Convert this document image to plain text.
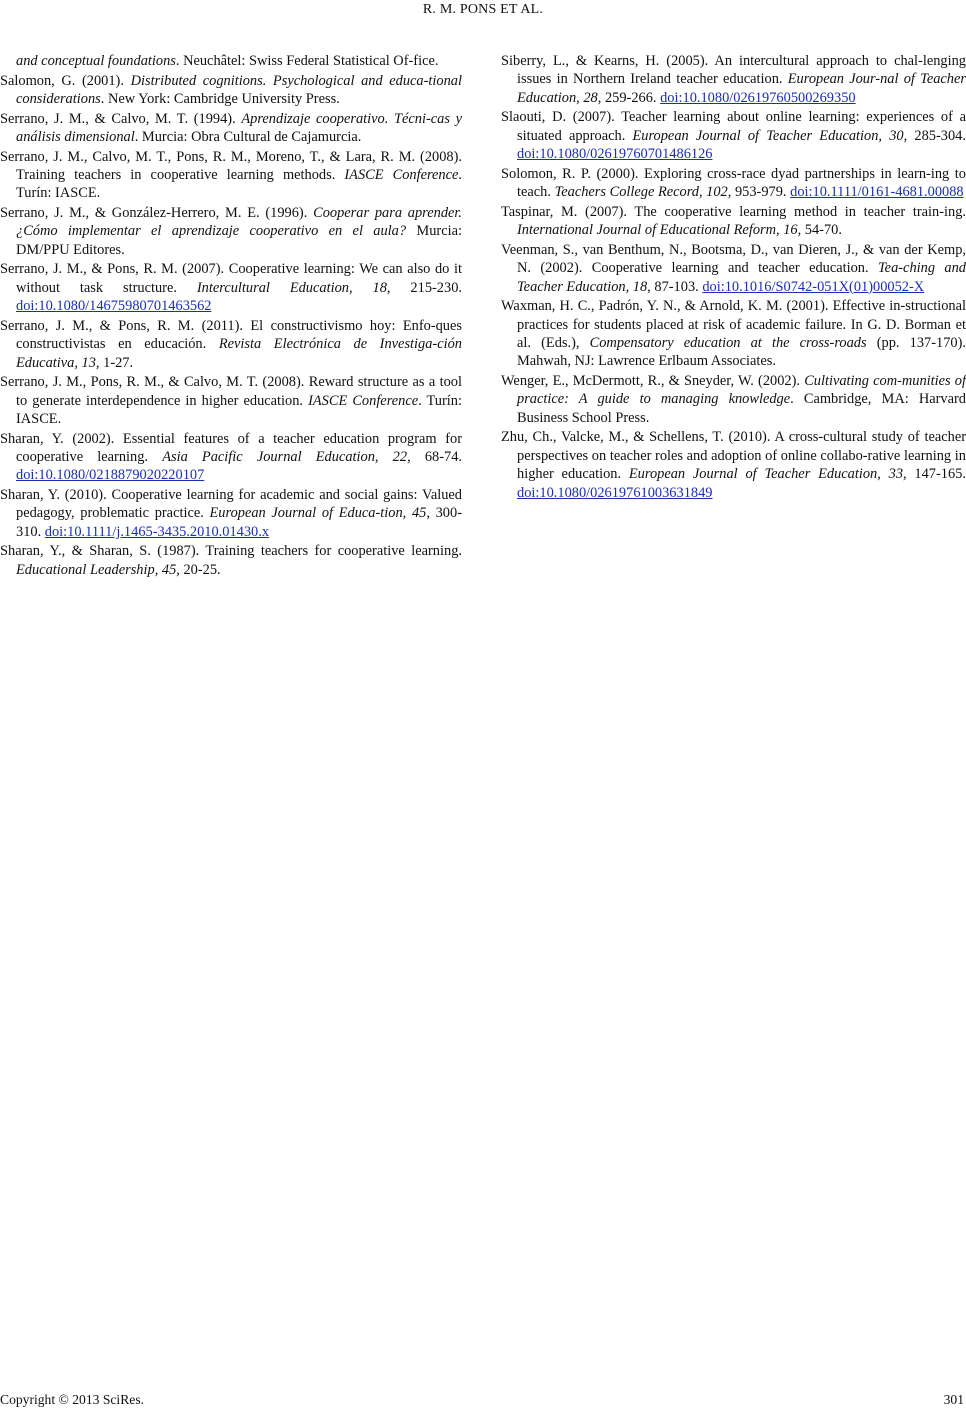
R. M. PONS ET AL.

and conceptual foundations. Neuchâtel: Swiss Federal Statistical Of-fice.

Salomon, G. (2001). Distributed cognitions. Psychological and educa-tional considerations. New York: Cambridge University Press.

Serrano, J. M., & Calvo, M. T. (1994). Aprendizaje cooperativo. Técni-cas y análisis dimensional. Murcia: Obra Cultural de Cajamurcia.

Serrano, J. M., Calvo, M. T., Pons, R. M., Moreno, T., & Lara, R. M. (2008). Training teachers in cooperative learning methods. IASCE Conference. Turín: IASCE.

Serrano, J. M., & González-Herrero, M. E. (1996). Cooperar para aprender. ¿Cómo implementar el aprendizaje cooperativo en el aula? Murcia: DM/PPU Editores.

Serrano, J. M., & Pons, R. M. (2007). Cooperative learning: We can also do it without task structure. Intercultural Education, 18, 215-230. doi:10.1080/14675980701463562

Serrano, J. M., & Pons, R. M. (2011). El constructivismo hoy: Enfo-ques constructivistas en educación. Revista Electrónica de Investiga-ción Educativa, 13, 1-27.

Serrano, J. M., Pons, R. M., & Calvo, M. T. (2008). Reward structure as a tool to generate interdependence in higher education. IASCE Conference. Turín: IASCE.

Sharan, Y. (2002). Essential features of a teacher education program for cooperative learning. Asia Pacific Journal Education, 22, 68-74. doi:10.1080/0218879020220107

Sharan, Y. (2010). Cooperative learning for academic and social gains: Valued pedagogy, problematic practice. European Journal of Educa-tion, 45, 300-310. doi:10.1111/j.1465-3435.2010.01430.x

Sharan, Y., & Sharan, S. (1987). Training teachers for cooperative learning. Educational Leadership, 45, 20-25.

Siberry, L., & Kearns, H. (2005). An intercultural approach to chal-lenging issues in Northern Ireland teacher education. European Jour-nal of Teacher Education, 28, 259-266. doi:10.1080/02619760500269350

Slaouti, D. (2007). Teacher learning about online learning: experiences of a situated approach. European Journal of Teacher Education, 30, 285-304. doi:10.1080/02619760701486126

Solomon, R. P. (2000). Exploring cross-race dyad partnerships in learn-ing to teach. Teachers College Record, 102, 953-979. doi:10.1111/0161-4681.00088

Taspinar, M. (2007). The cooperative learning method in teacher train-ing. International Journal of Educational Reform, 16, 54-70.

Veenman, S., van Benthum, N., Bootsma, D., van Dieren, J., & van der Kemp, N. (2002). Cooperative learning and teacher education. Tea-ching and Teacher Education, 18, 87-103. doi:10.1016/S0742-051X(01)00052-X

Waxman, H. C., Padrón, Y. N., & Arnold, K. M. (2001). Effective in-structional practices for students placed at risk of academic failure. In G. D. Borman et al. (Eds.), Compensatory education at the cross-roads (pp. 137-170). Mahwah, NJ: Lawrence Erlbaum Associates.

Wenger, E., McDermott, R., & Sneyder, W. (2002). Cultivating com-munities of practice: A guide to managing knowledge. Cambridge, MA: Harvard Business School Press.

Zhu, Ch., Valcke, M., & Schellens, T. (2010). A cross-cultural study of teacher perspectives on teacher roles and adoption of online collabo-rative learning in higher education. European Journal of Teacher Education, 33, 147-165. doi:10.1080/02619761003631849

Copyright © 2013 SciRes.	301
